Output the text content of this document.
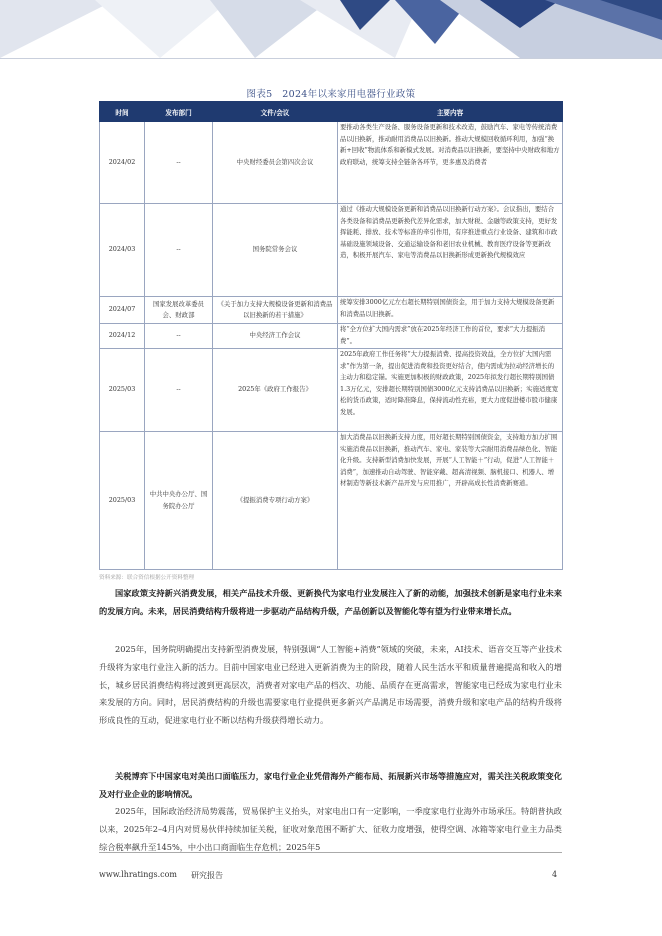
图表5　2024年以来家用电器行业政策
时间	发布部门	文件/会议	主要内容
2024/02	--	中央财经委员会第四次会议	要推动各类生产设备、服务设备更新和技术改造，鼓励汽车、家电等传统消费品以旧换新，推动耐用消费品以旧换新。推动大规模回收循环利用，加强“换新+回收”物流体系和新模式发展。对消费品以旧换新，要坚持中央财政和地方政府联动，统筹支持全链条各环节，更多惠及消费者
2024/03	--	国务院常务会议	通过《推动大规模设备更新和消费品以旧换新行动方案》。会议指出，要结合各类设备和消费品更新换代差异化需求，加大财税、金融等政策支持，更好发挥能耗、排放、技术等标准的牵引作用，有序推进重点行业设备、建筑和市政基础设施领域设备、交通运输设备和老旧农业机械、教育医疗设备等更新改造，积极开展汽车、家电等消费品以旧换新形成更新换代规模效应
2024/07	国家发展改革委员会、财政部	《关于加力支持大规模设备更新和消费品以旧换新的若干措施》	统筹安排3000亿元左右超长期特别国债资金，用于加力支持大规模设备更新和消费品以旧换新。
2024/12	--	中央经济工作会议	将“全方位扩大国内需求”放在2025年经济工作的首位，要求“大力提振消费”。
2025/03	--	2025年《政府工作报告》	2025年政府工作任务将“大力提振消费、提高投资效益，全方位扩大国内需求”作为第一条，提出促进消费和投资更好结合，使内需成为拉动经济增长的主动力和稳定锚。实施更加积极的财政政策，2025年拟发行超长期特别国债1.3万亿元，安排超长期特别国债3000亿元支持消费品以旧换新；实施适度宽松的货币政策，适时降准降息，保持流动性充裕，更大力度促进楼市股市健康发展。
2025/03	中共中央办公厅、国务院办公厅	《提振消费专项行动方案》	加大消费品以旧换新支持力度，用好超长期特别国债资金，支持地方加力扩围实施消费品以旧换新，推动汽车、家电、家装等大宗耐用消费品绿色化、智能化升级。支持新型消费加快发展，开展“人工智能＋”行动，促进“人工智能＋消费”，加速推动自动驾驶、智能穿戴、超高清视频、脑机接口、机器人、增材制造等新技术新产品开发与应用推广，开辟高成长性消费新赛道。
资料来源：联合资信根据公开资料整理
国家政策支持新兴消费发展，相关产品技术升级、更新换代为家电行业发展注入了新的动能，加强技术创新是家电行业未来的发展方向。未来，居民消费结构升级将进一步驱动产品结构升级，产品创新以及智能化等有望为行业带来增长点。
2025年，国务院明确提出支持新型消费发展，特别强调“人工智能+消费”领域的突破，未来，AI技术、语音交互等产业技术升级将为家电行业注入新的活力。目前中国家电业已经进入更新消费为主的阶段，随着人民生活水平和质量普遍提高和收入的增长，城乡居民消费结构将过渡到更高层次，消费者对家电产品的档次、功能、品质存在更高需求，智能家电已经成为家电行业未来发展的方向。同时，居民消费结构的升级也需要家电行业提供更多新兴产品满足市场需要，消费升级和家电产品的结构升级将形成良性的互动，促进家电行业不断以结构升级获得增长动力。
关税博弈下中国家电对美出口面临压力，家电行业企业凭借海外产能布局、拓展新兴市场等措施应对，需关注关税政策变化及对行业企业的影响情况。
2025年，国际政治经济局势震荡，贸易保护主义抬头，对家电出口有一定影响，一季度家电行业海外市场承压。特朗普执政以来，2025年2–4月内对贸易伙伴持续加征关税，征收对象范围不断扩大、征收力度增强，使得空调、冰箱等家电行业主力品类综合税率飙升至145%，中小出口商面临生存危机；2025年5
www.lhratings.com 研究报告	4
